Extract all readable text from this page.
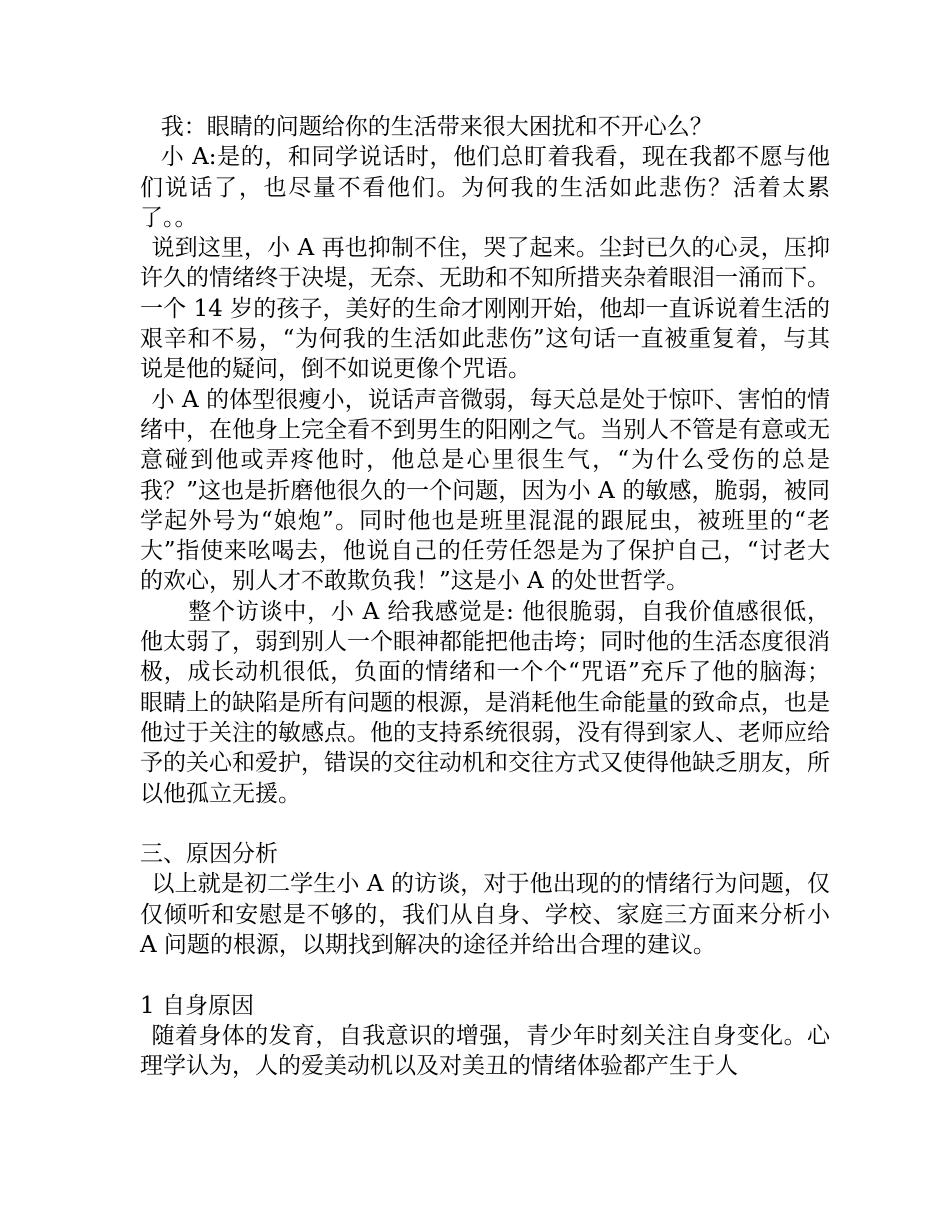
我：眼睛的问题给你的生活带来很大困扰和不开心么？

小 A:是的，和同学说话时，他们总盯着我看，现在我都不愿与他们说话了，也尽量不看他们。为何我的生活如此悲伤？活着太累了。。

说到这里，小 A 再也抑制不住，哭了起来。尘封已久的心灵，压抑许久的情绪终于决堤，无奈、无助和不知所措夹杂着眼泪一涌而下。一个 14 岁的孩子，美好的生命才刚刚开始，他却一直诉说着生活的艰辛和不易，“为何我的生活如此悲伤”这句话一直被重复着，与其说是他的疑问，倒不如说更像个咒语。

小 A 的体型很瘦小，说话声音微弱，每天总是处于惊吓、害怕的情绪中，在他身上完全看不到男生的阳刚之气。当别人不管是有意或无意碰到他或弄疼他时，他总是心里很生气，“为什么受伤的总是我？”这也是折磨他很久的一个问题，因为小 A 的敏感，脆弱，被同学起外号为“娘炮”。同时他也是班里混混的跟屁虫，被班里的“老大”指使来吆喝去，他说自己的任劳任怨是为了保护自己，“讨老大的欢心，别人才不敢欺负我！”这是小 A 的处世哲学。

整个访谈中，小 A 给我感觉是: 他很脆弱，自我价值感很低，他太弱了，弱到别人一个眼神都能把他击垮；同时他的生活态度很消极，成长动机很低，负面的情绪和一个个“咒语”充斥了他的脑海；眼睛上的缺陷是所有问题的根源，是消耗他生命能量的致命点，也是他过于关注的敏感点。他的支持系统很弱，没有得到家人、老师应给予的关心和爱护，错误的交往动机和交往方式又使得他缺乏朋友，所以他孤立无援。

三、原因分析

以上就是初二学生小 A 的访谈，对于他出现的的情绪行为问题，仅仅倾听和安慰是不够的，我们从自身、学校、家庭三方面来分析小 A 问题的根源，以期找到解决的途径并给出合理的建议。

1 自身原因

随着身体的发育，自我意识的增强，青少年时刻关注自身变化。心理学认为，人的爱美动机以及对美丑的情绪体验都产生于人
